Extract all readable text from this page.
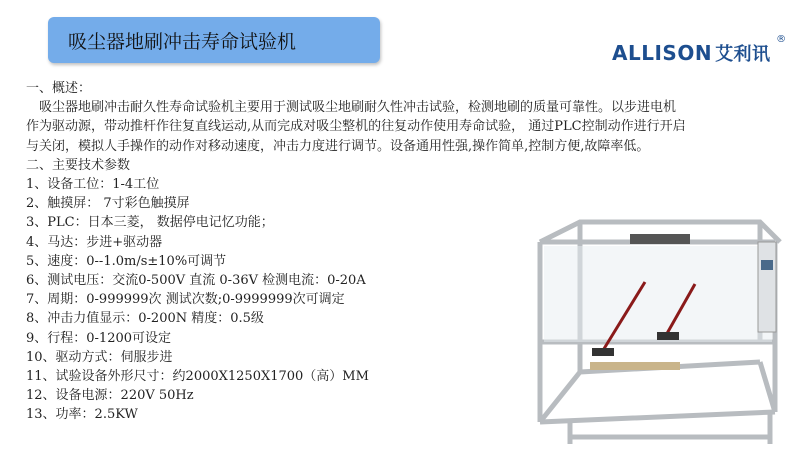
吸尘器地刷冲击寿命试验机	ALLISON 艾利讯
®

一、概述：

　吸尘器地刷冲击耐久性寿命试验机主要用于测试吸尘地刷耐久性冲击试验，检测地刷的质量可靠性。以步进电机

作为驱动源，带动推杆作往复直线运动,从而完成对吸尘整机的往复动作使用寿命试验， 通过PLC控制动作进行开启

与关闭，模拟人手操作的动作对移动速度，冲击力度进行调节。设备通用性强,操作简单,控制方便,故障率低。

二、主要技术参数

1、设备工位：1-4工位

2、触摸屏： 7寸彩色触摸屏

3、PLC：日本三菱， 数据停电记忆功能；

4、马达：步进+驱动器

5、速度：0--1.0m/s±10%可调节

6、测试电压：交流0-500V 直流 0-36V 检测电流：0-20A

7、周期：0-999999次 测试次数;0-9999999次可调定

8、冲击力值显示：0-200N 精度：0.5级

9、行程：0-1200可设定

10、驱动方式：伺服步进

11、试验设备外形尺寸：约2000X1250X1700（高）MM

12、设备电源：220V 50Hz

13、功率：2.5KW
